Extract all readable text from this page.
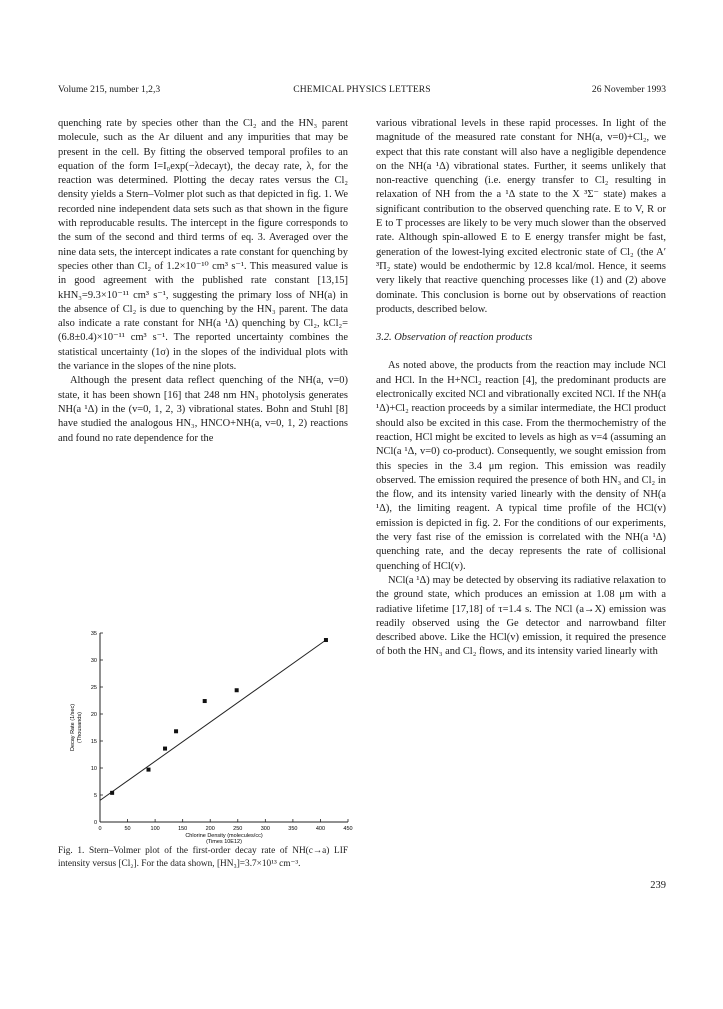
Volume 215, number 1,2,3	CHEMICAL PHYSICS LETTERS	26 November 1993

quenching rate by species other than the Cl₂ and the HN₃ parent molecule, such as the Ar diluent and any impurities that may be present in the cell. By fitting the observed temporal profiles to an equation of the form I=I₀exp(−λdecayt), the decay rate, λ, for the reaction was determined. Plotting the decay rates versus the Cl₂ density yields a Stern–Volmer plot such as that depicted in fig. 1. We recorded nine independent data sets such as that shown in the figure with reproducable results. The intercept in the figure corresponds to the sum of the second and third terms of eq. 3. Averaged over the nine data sets, the intercept indicates a rate constant for quenching by species other than Cl₂ of 1.2×10⁻¹⁰ cm³ s⁻¹. This measured value is in good agreement with the published rate constant [13,15] kHN₃=9.3×10⁻¹¹ cm³ s⁻¹, suggesting the primary loss of NH(a) in the absence of Cl₂ is due to quenching by the HN₃ parent. The data also indicate a rate constant for NH(a ¹Δ) quenching by Cl₂, kCl₂=(6.8±0.4)×10⁻¹¹ cm³ s⁻¹. The reported uncertainty combines the statistical uncertainty (1σ) in the slopes of the individual plots with the variance in the slopes of the nine plots.

Although the present data reflect quenching of the NH(a, v=0) state, it has been shown [16] that 248 nm HN₃ photolysis generates NH(a ¹Δ) in the (v=0, 1, 2, 3) vibrational states. Bohn and Stuhl [8] have studied the analogous HN₃, HNCO+NH(a, v=0, 1, 2) reactions and found no rate dependence for the

various vibrational levels in these rapid processes. In light of the magnitude of the measured rate constant for NH(a, v=0)+Cl₂, we expect that this rate constant will also have a negligible dependence on the NH(a ¹Δ) vibrational states. Further, it seems unlikely that non-reactive quenching (i.e. energy transfer to Cl₂ resulting in relaxation of NH from the a ¹Δ state to the X ³Σ⁻ state) makes a significant contribution to the observed quenching rate. E to V, R or E to T processes are likely to be very much slower than the observed rate. Although spin-allowed E to E energy transfer might be fast, generation of the lowest-lying excited electronic state of Cl₂ (the A′ ³Π₂ state) would be endothermic by 12.8 kcal/mol. Hence, it seems very likely that reactive quenching processes like (1) and (2) above dominate. This conclusion is borne out by observations of reaction products, described below.

3.2. Observation of reaction products

As noted above, the products from the reaction may include NCl and HCl. In the H+NCl₂ reaction [4], the predominant products are electronically excited NCl and vibrationally excited NCl. If the NH(a ¹Δ)+Cl₂ reaction proceeds by a similar intermediate, the HCl product should also be excited in this case. From the thermochemistry of the reaction, HCl might be excited to levels as high as v=4 (assuming an NCl(a ¹Δ, v=0) co-product). Consequently, we sought emission from this species in the 3.4 μm region. This emission was readily observed. The emission required the presence of both HN₃ and Cl₂ in the flow, and its intensity varied linearly with the density of NH(a ¹Δ), the limiting reagent. A typical time profile of the HCl(v) emission is depicted in fig. 2. For the conditions of our experiments, the very fast rise of the emission is correlated with the NH(a ¹Δ) quenching rate, and the decay represents the rate of collisional quenching of HCl(v).

NCl(a ¹Δ) may be detected by observing its radiative relaxation to the ground state, which produces an emission at 1.08 μm with a radiative lifetime [17,18] of τ=1.4 s. The NCl (a→X) emission was readily observed using the Ge detector and narrowband filter described above. Like the HCl(v) emission, it required the presence of both the HN₃ and Cl₂ flows, and its intensity varied linearly with

0
5
10
15
20
25
30
35
0	50	100	150	200	250	300	350	400	450
Decay Rate (1/sec) (Thousands)
Chlorine Density (molecules/cc)
(Times 10E12)
Fig. 1. Stern–Volmer plot of the first-order decay rate of NH(c→a) LIF intensity versus [Cl₂]. For the data shown, [HN₃]=3.7×10¹³ cm⁻³.
239
